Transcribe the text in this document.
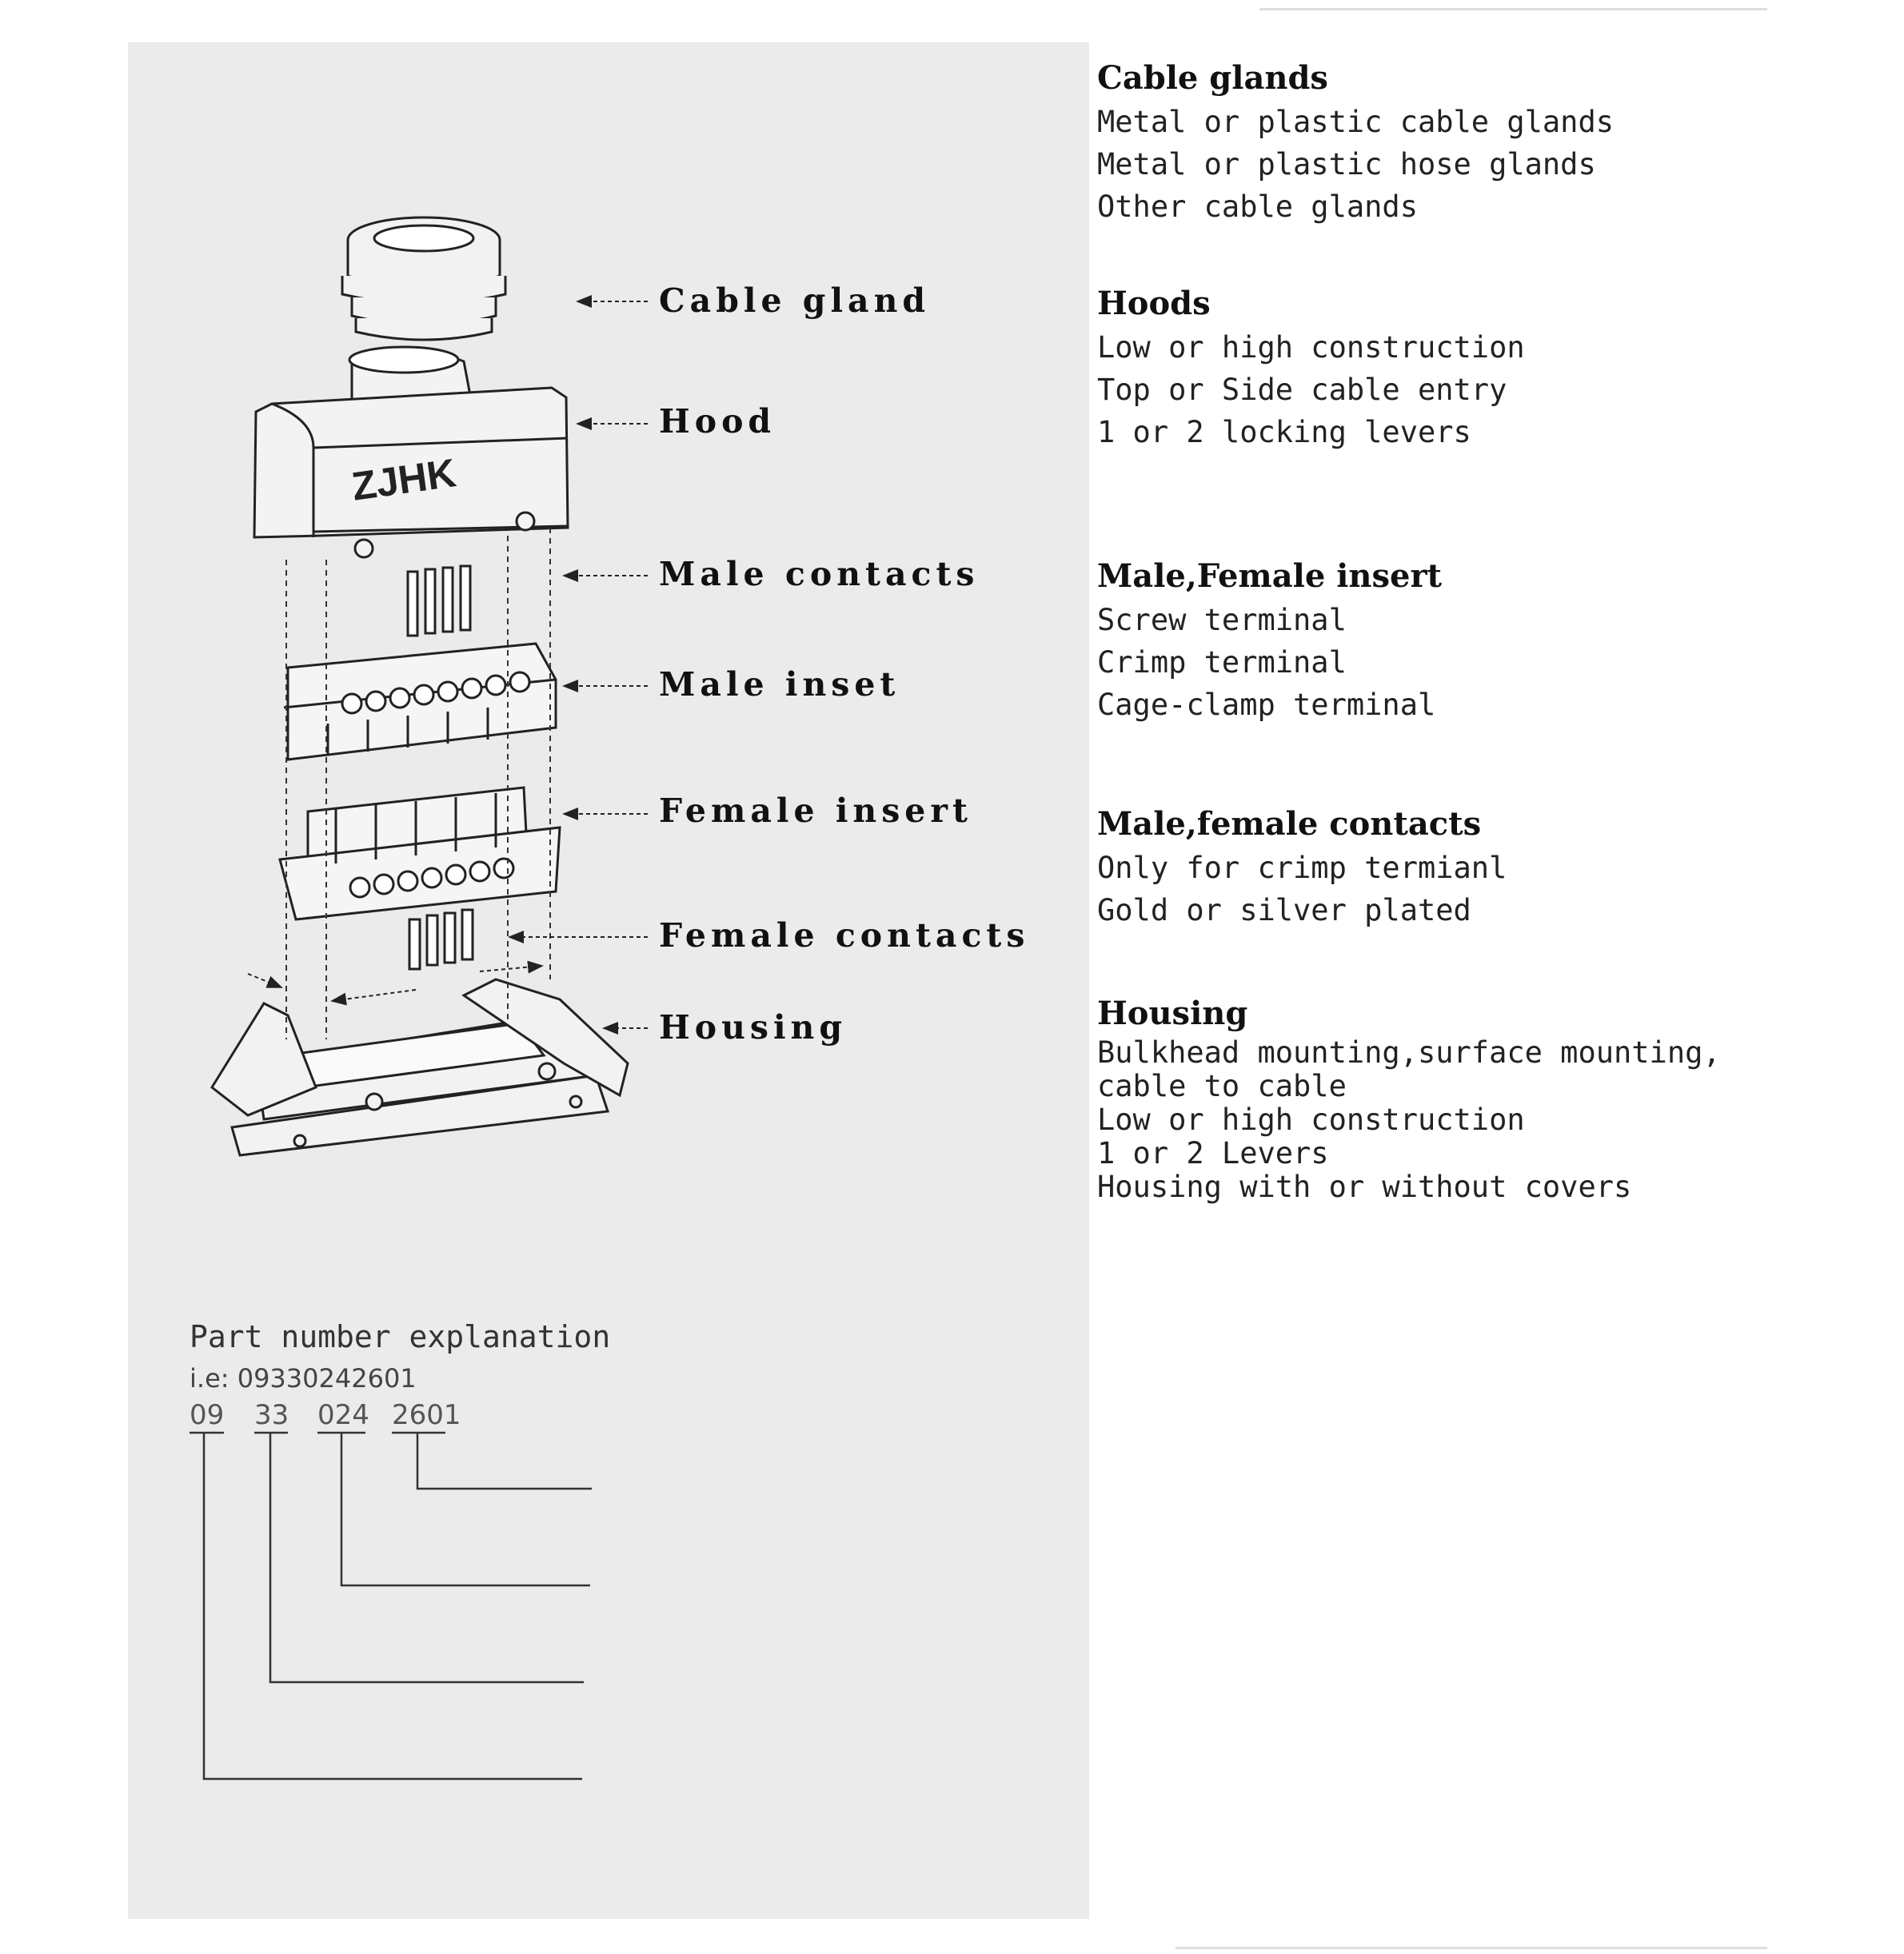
ZJHK
Cable gland
Hood
Male contacts
Male inset
Female insert
Female contacts
Housing
Cable glands
Metal or plastic cable glands
Metal or plastic hose glands
Other cable glands
Hoods
Low or high construction
Top or Side cable entry
1 or 2 locking levers
Male,Female insert
Screw terminal
Crimp terminal
Cage-clamp terminal
Male,female contacts
Only for crimp termianl
Gold or silver plated
Housing
Bulkhead mounting,surface mounting,
cable to cable
Low or high construction
1 or 2 Levers
Housing with or without covers
Part number explanation
i.e: 09330242601
09 33 024 2601
